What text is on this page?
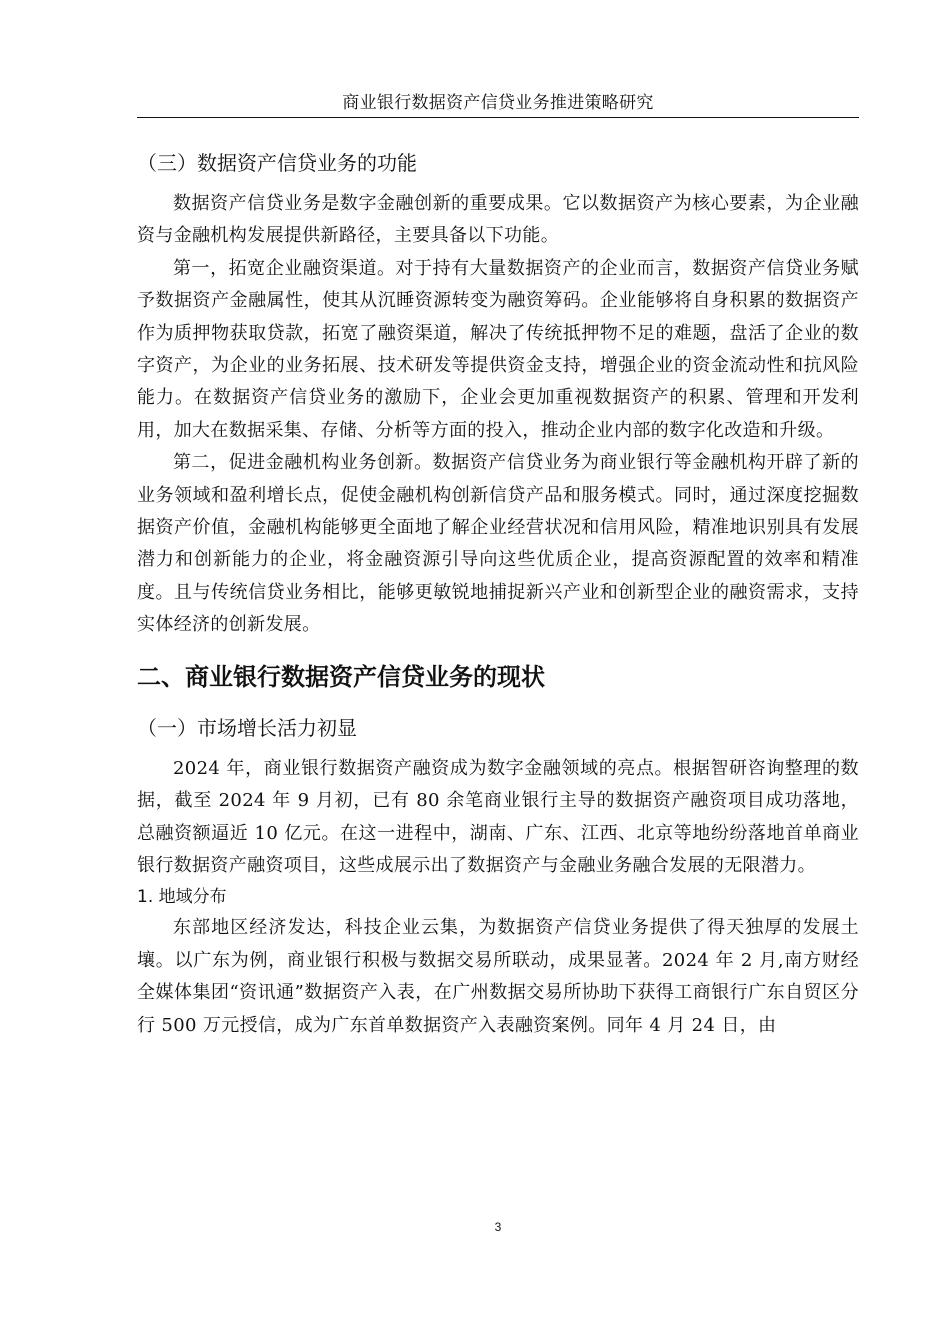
商业银行数据资产信贷业务推进策略研究
（三）数据资产信贷业务的功能

数据资产信贷业务是数字金融创新的重要成果。它以数据资产为核心要素，为企业融资与金融机构发展提供新路径，主要具备以下功能。

第一，拓宽企业融资渠道。对于持有大量数据资产的企业而言，数据资产信贷业务赋予数据资产金融属性，使其从沉睡资源转变为融资筹码。企业能够将自身积累的数据资产作为质押物获取贷款，拓宽了融资渠道，解决了传统抵押物不足的难题，盘活了企业的数字资产，为企业的业务拓展、技术研发等提供资金支持，增强企业的资金流动性和抗风险能力。在数据资产信贷业务的激励下，企业会更加重视数据资产的积累、管理和开发利用，加大在数据采集、存储、分析等方面的投入，推动企业内部的数字化改造和升级。

第二，促进金融机构业务创新。数据资产信贷业务为商业银行等金融机构开辟了新的业务领域和盈利增长点，促使金融机构创新信贷产品和服务模式。同时，通过深度挖掘数据资产价值，金融机构能够更全面地了解企业经营状况和信用风险，精准地识别具有发展潜力和创新能力的企业，将金融资源引导向这些优质企业，提高资源配置的效率和精准度。且与传统信贷业务相比，能够更敏锐地捕捉新兴产业和创新型企业的融资需求，支持实体经济的创新发展。

二、商业银行数据资产信贷业务的现状
（一）市场增长活力初显

2024 年，商业银行数据资产融资成为数字金融领域的亮点。根据智研咨询整理的数据，截至 2024 年 9 月初，已有 80 余笔商业银行主导的数据资产融资项目成功落地，总融资额逼近 10 亿元。在这一进程中，湖南、广东、江西、北京等地纷纷落地首单商业银行数据资产融资项目，这些成展示出了数据资产与金融业务融合发展的无限潜力。

1. 地域分布

东部地区经济发达，科技企业云集，为数据资产信贷业务提供了得天独厚的发展土壤。以广东为例，商业银行积极与数据交易所联动，成果显著。2024 年 2 月,南方财经全媒体集团“资讯通”数据资产入表，在广州数据交易所协助下获得工商银行广东自贸区分行 500 万元授信，成为广东首单数据资产入表融资案例。同年 4 月 24 日，由

3
